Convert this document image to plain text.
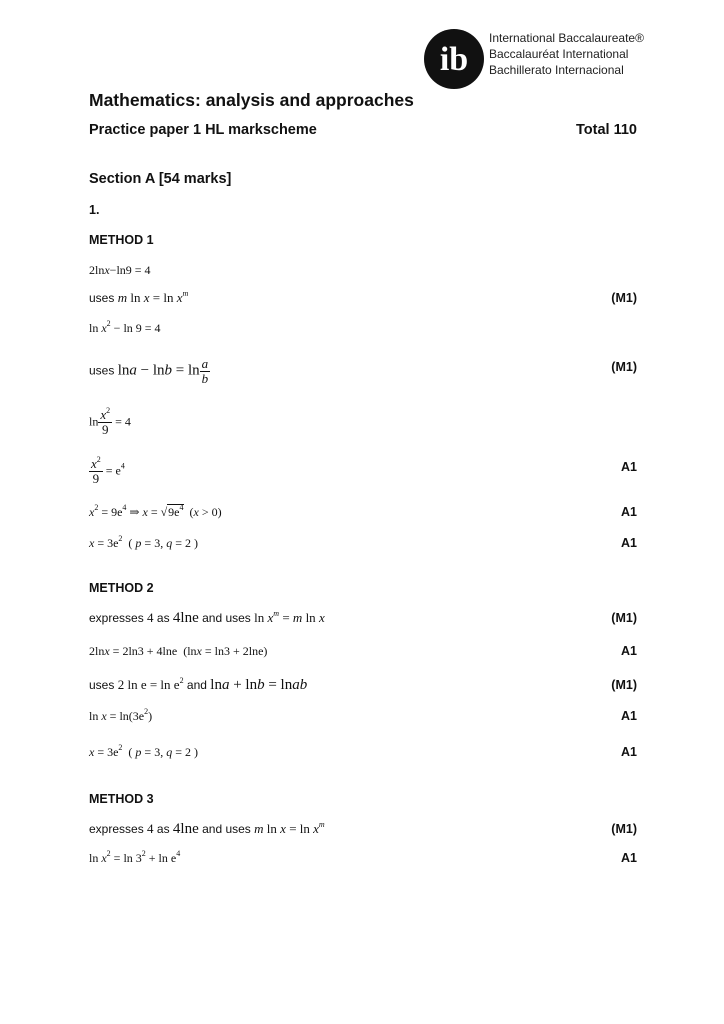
ib
International Baccalaureate®
Baccalauréat International
Bachillerato Internacional
Mathematics: analysis and approaches
Practice paper 1 HL markscheme	Total 110
Section A [54 marks]
1.
METHOD 1
2lnx−ln9 = 4
uses m $\ln x = \ln x^m$	(M1)
$\ln x^2 - \ln 9 = 4$
uses $\ln a - \ln b = \ln \frac{a}{b}$	(M1)
$\ln \frac{x^2}{9} = 4$
$\frac{x^2}{9} = e^4$	A1
$x^2 = 9e^4$ ⇒ $x = √9e^4$  (x > 0)	A1
$x = 3e^2$  ( p = 3, q = 2 )	A1
METHOD 2
expresses 4 as 4lne and uses $\ln x^m = m$ ln x	(M1)
2lnx = 2ln3 + 4lne  (lnx = ln3 + 2lne)	A1
uses 2 $\ln e = \ln e^2$ and lna + lnb = lnab	(M1)
$\ln x = \ln(3e^2)$	A1
$x = 3e^2$  ( p = 3, q = 2 )	A1
METHOD 3
expresses 4 as 4lne and uses m $\ln x = \ln x^m$	(M1)
$\ln x^2 = \ln 3^2 + \ln e^4$	A1
